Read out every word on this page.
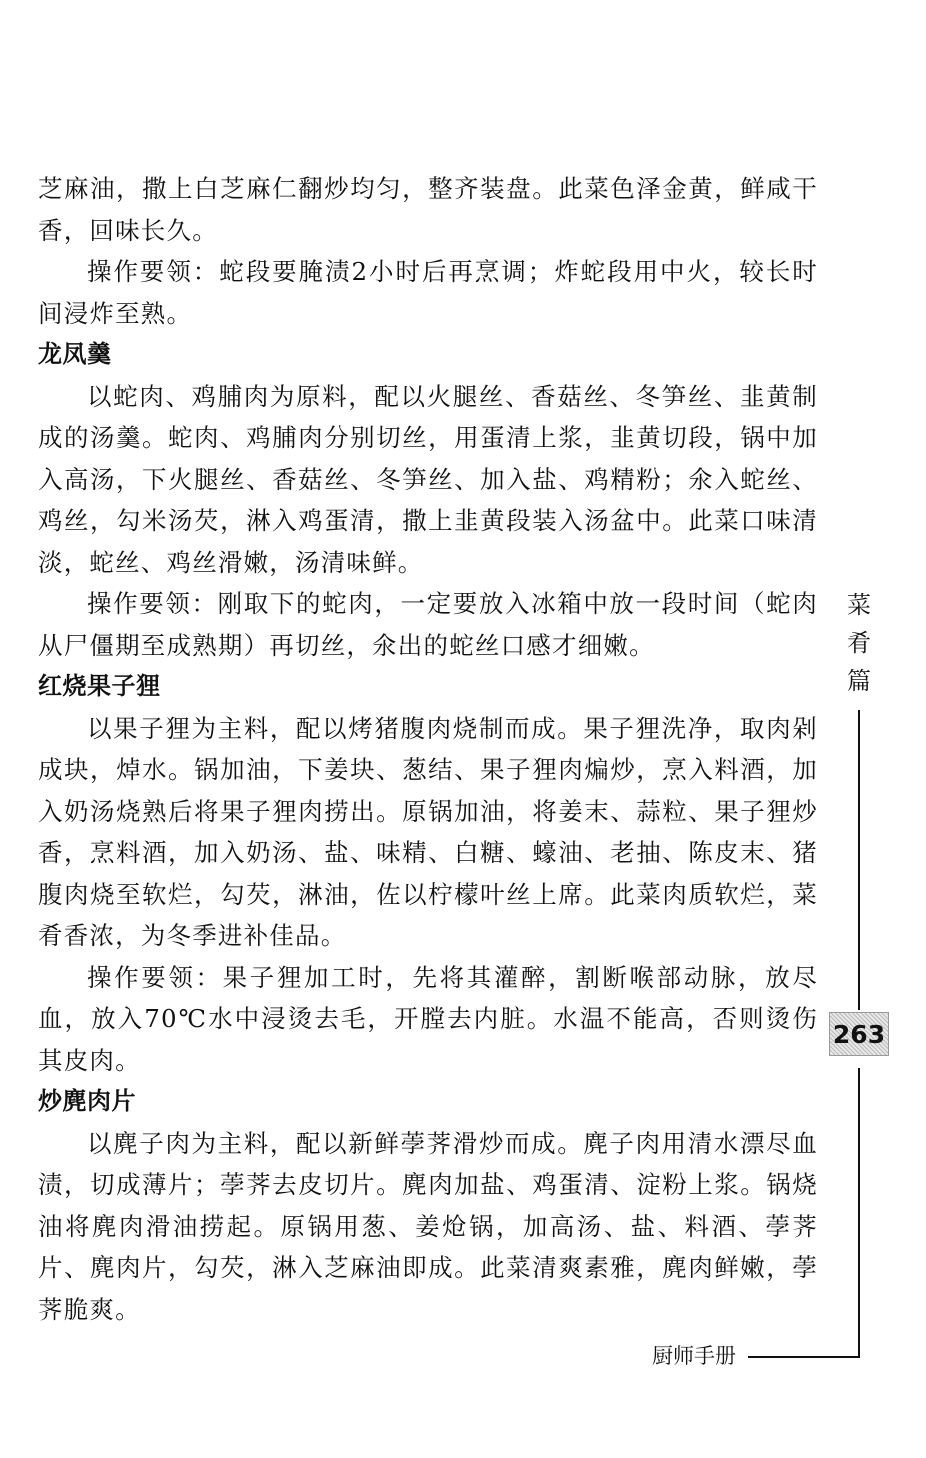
芝麻油，撒上白芝麻仁翻炒均匀，整齐装盘。此菜色泽金黄，鲜咸干香，回味长久。

操作要领：蛇段要腌渍2小时后再烹调；炸蛇段用中火，较长时间浸炸至熟。

龙凤羹

以蛇肉、鸡脯肉为原料，配以火腿丝、香菇丝、冬笋丝、韭黄制成的汤羹。蛇肉、鸡脯肉分别切丝，用蛋清上浆，韭黄切段，锅中加入高汤，下火腿丝、香菇丝、冬笋丝、加入盐、鸡精粉；氽入蛇丝、鸡丝，勾米汤芡，淋入鸡蛋清，撒上韭黄段装入汤盆中。此菜口味清淡，蛇丝、鸡丝滑嫩，汤清味鲜。

操作要领：刚取下的蛇肉，一定要放入冰箱中放一段时间（蛇肉从尸僵期至成熟期）再切丝，氽出的蛇丝口感才细嫩。

红烧果子狸

以果子狸为主料，配以烤猪腹肉烧制而成。果子狸洗净，取肉剁成块，焯水。锅加油，下姜块、葱结、果子狸肉煸炒，烹入料酒，加入奶汤烧熟后将果子狸肉捞出。原锅加油，将姜末、蒜粒、果子狸炒香，烹料酒，加入奶汤、盐、味精、白糖、蠔油、老抽、陈皮末、猪腹肉烧至软烂，勾芡，淋油，佐以柠檬叶丝上席。此菜肉质软烂，菜肴香浓，为冬季进补佳品。

操作要领：果子狸加工时，先将其灌醉，割断喉部动脉，放尽血，放入70℃水中浸烫去毛，开膛去内脏。水温不能高，否则烫伤其皮肉。

炒麂肉片

以麂子肉为主料，配以新鲜荸荠滑炒而成。麂子肉用清水漂尽血渍，切成薄片；荸荠去皮切片。麂肉加盐、鸡蛋清、淀粉上浆。锅烧油将麂肉滑油捞起。原锅用葱、姜炝锅，加高汤、盐、料酒、荸荠片、麂肉片，勾芡，淋入芝麻油即成。此菜清爽素雅，麂肉鲜嫩，荸荠脆爽。

菜
肴
篇
263
厨师手册
